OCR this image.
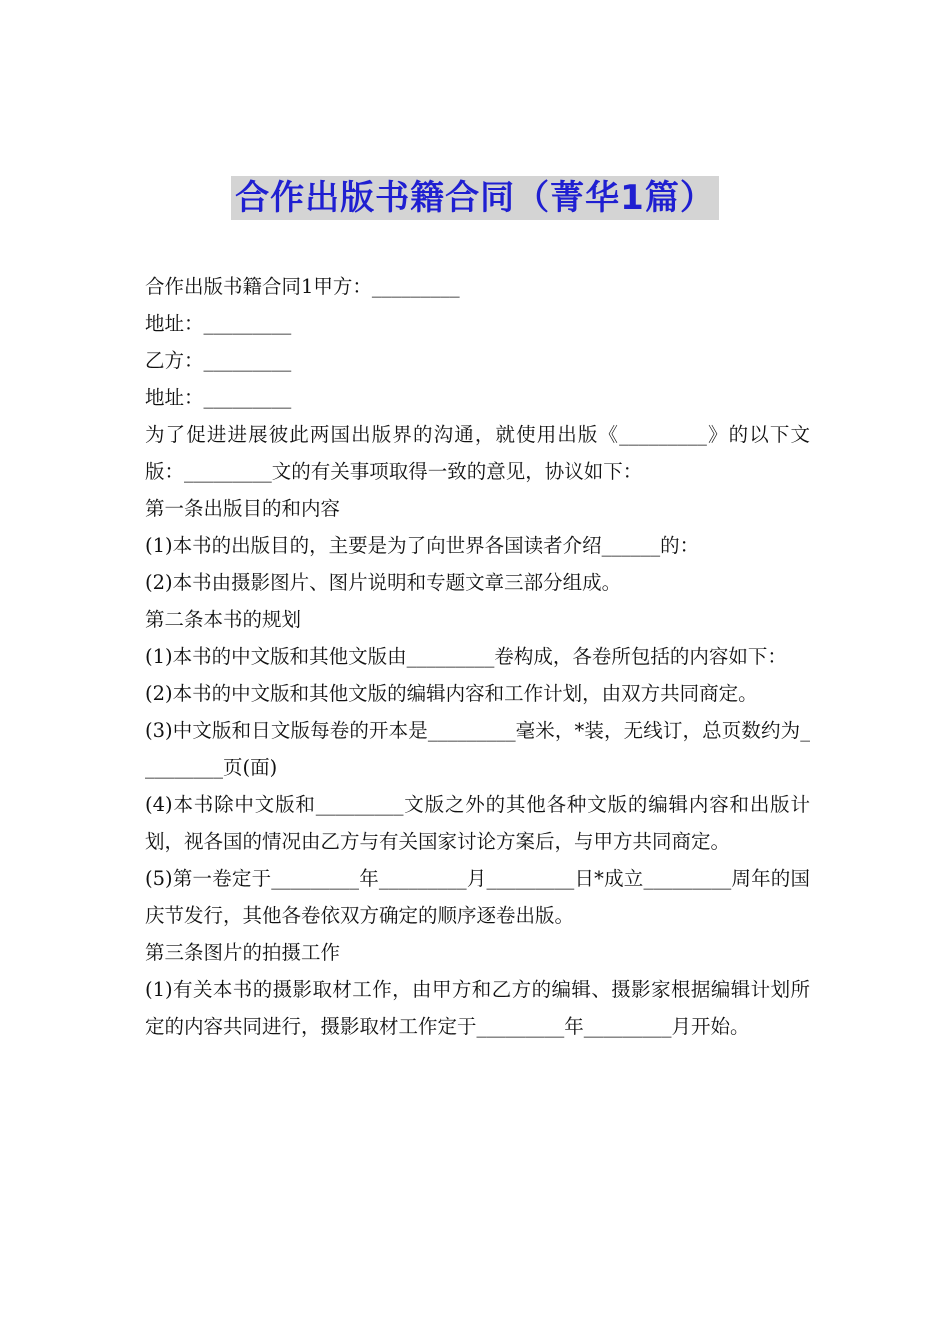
合作出版书籍合同（菁华1篇）

合作出版书籍合同1甲方：_________

地址：_________

乙方：_________

地址：_________

为了促进进展彼此两国出版界的沟通，就使用出版《_________》的以下文版：_________文的有关事项取得一致的意见，协议如下：

第一条出版目的和内容

(1)本书的出版目的，主要是为了向世界各国读者介绍______的：

(2)本书由摄影图片、图片说明和专题文章三部分组成。

第二条本书的规划

(1)本书的中文版和其他文版由_________卷构成，各卷所包括的内容如下：

(2)本书的中文版和其他文版的编辑内容和工作计划，由双方共同商定。

(3)中文版和日文版每卷的开本是_________毫米，*装，无线订，总页数约为_________页(面)

(4)本书除中文版和_________文版之外的其他各种文版的编辑内容和出版计划，视各国的情况由乙方与有关国家讨论方案后，与甲方共同商定。

(5)第一卷定于_________年_________月_________日*成立_________周年的国庆节发行，其他各卷依双方确定的顺序逐卷出版。

第三条图片的拍摄工作

(1)有关本书的摄影取材工作，由甲方和乙方的编辑、摄影家根据编辑计划所定的内容共同进行，摄影取材工作定于_________年_________月开始。
